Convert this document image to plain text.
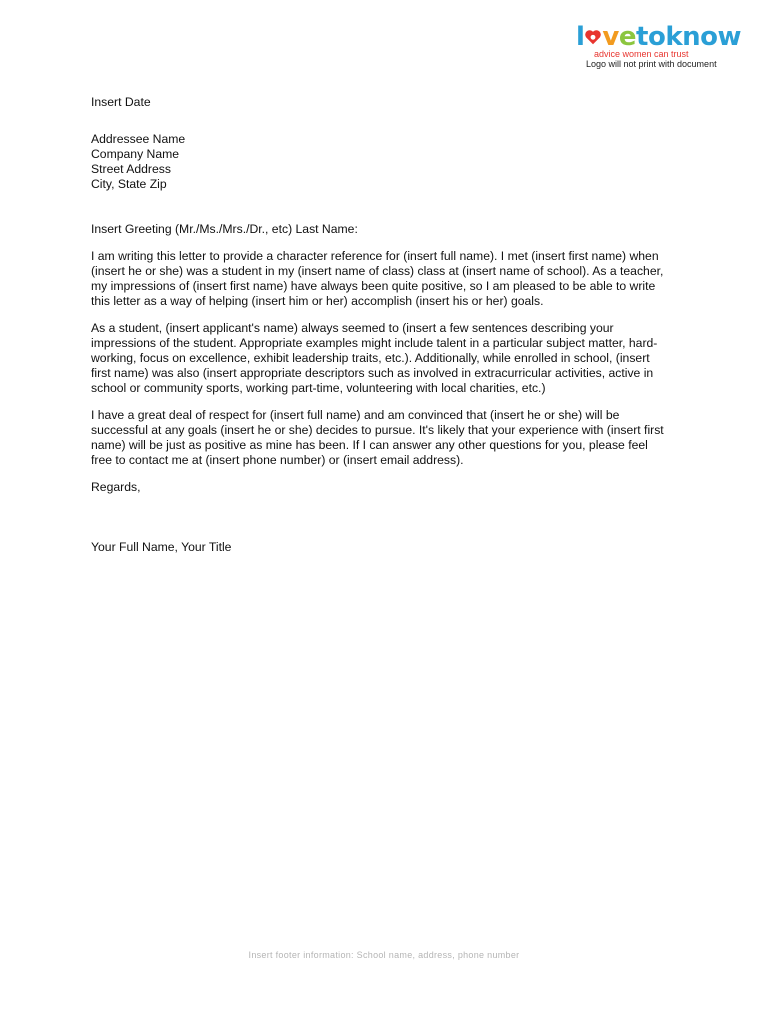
l vetoknow
advice women can trust
Logo will not print with document

Insert Date

Addressee Name

Company Name

Street Address

City, State Zip

Insert Greeting (Mr./Ms./Mrs./Dr., etc) Last Name:

I am writing this letter to provide a character reference for (insert full name). I met (insert first name) when (insert he or she) was a student in my (insert name of class) class at (insert name of school). As a teacher, my impressions of (insert first name) have always been quite positive, so I am pleased to be able to write this letter as a way of helping (insert him or her) accomplish (insert his or her) goals.

As a student, (insert applicant's name) always seemed to (insert a few sentences describing your impressions of the student. Appropriate examples might include talent in a particular subject matter, hard-working, focus on excellence, exhibit leadership traits, etc.). Additionally, while enrolled in school, (insert first name) was also (insert appropriate descriptors such as involved in extracurricular activities, active in school or community sports, working part-time, volunteering with local charities, etc.)

I have a great deal of respect for (insert full name) and am convinced that (insert he or she) will be successful at any goals (insert he or she) decides to pursue. It's likely that your experience with (insert first name) will be just as positive as mine has been. If I can answer any other questions for you, please feel free to contact me at (insert phone number) or (insert email address).

Regards,

Your Full Name, Your Title

Insert footer information: School name, address, phone number
